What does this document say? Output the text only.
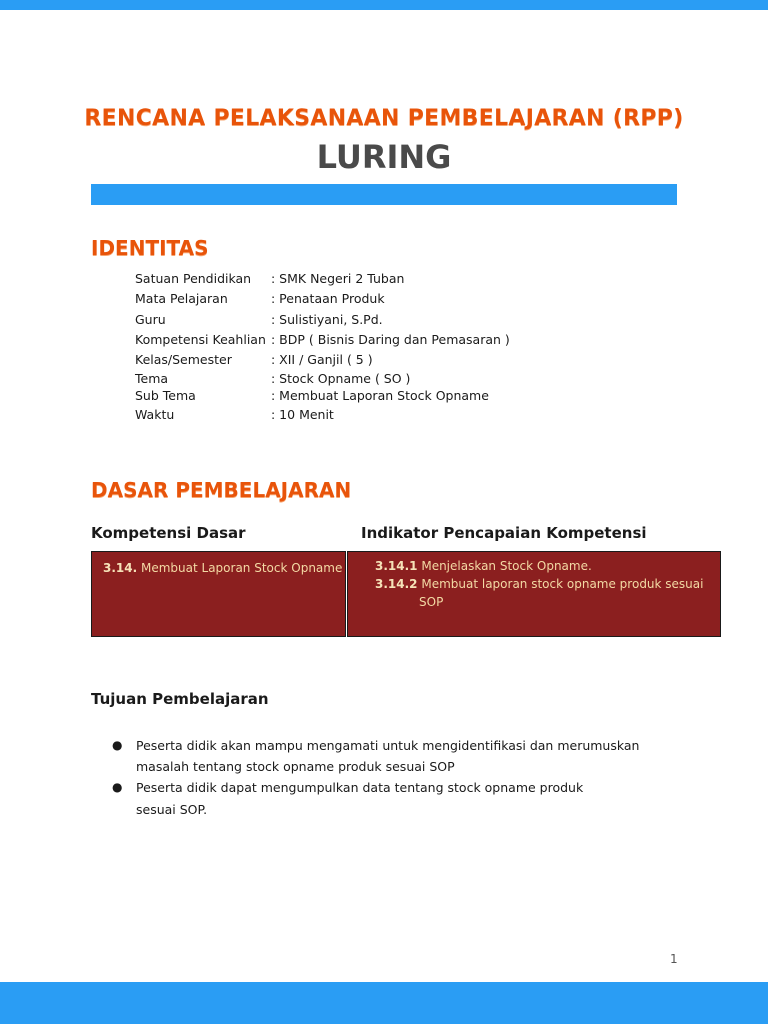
RENCANA PELAKSANAAN PEMBELAJARAN (RPP)
LURING
IDENTITAS
Satuan Pendidikan : SMK Negeri 2 Tuban
Mata Pelajaran	: Penataan Produk
Guru	: Sulistiyani, S.Pd.
Kompetensi Keahlian : BDP ( Bisnis Daring dan Pemasaran )
Kelas/Semester	: XII / Ganjil ( 5 )
Tema	: Stock Opname ( SO )
Sub Tema	: Membuat Laporan Stock Opname
Waktu	: 10 Menit
DASAR PEMBELAJARAN
Kompetensi Dasar	Indikator Pencapaian Kompetensi
3.14. Membuat Laporan Stock Opname	3.14.1 Menjelaskan Stock Opname.
3.14.2 Membuat laporan stock opname produk sesuai
SOP
Tujuan Pembelajaran
● Peserta didik akan mampu mengamati untuk mengidentifikasi dan merumuskan
masalah tentang stock opname produk sesuai SOP
● Peserta didik dapat mengumpulkan data tentang stock opname produk
sesuai SOP.
1
